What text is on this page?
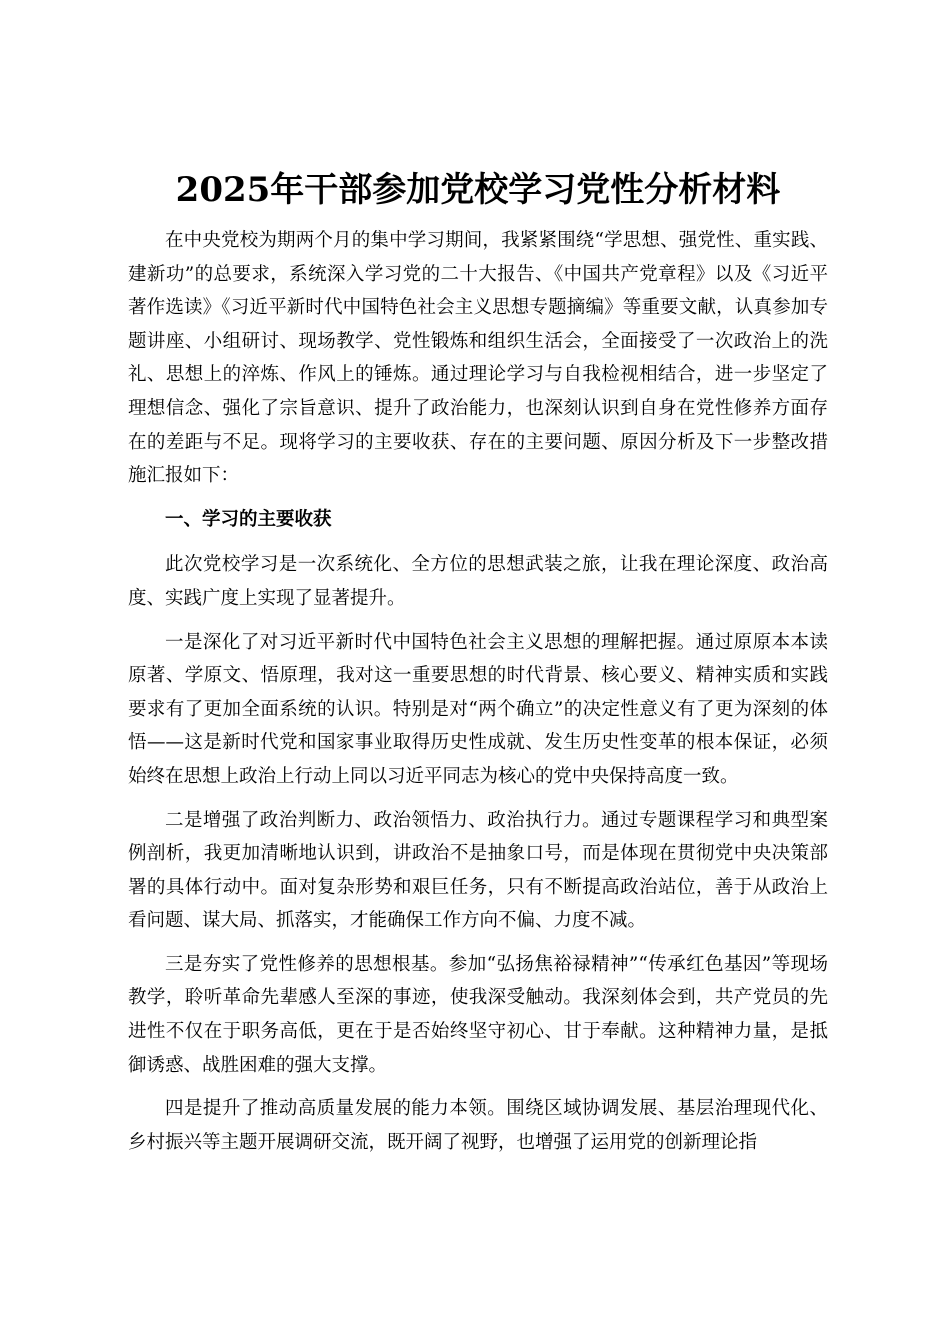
2025年干部参加党校学习党性分析材料

在中央党校为期两个月的集中学习期间，我紧紧围绕“学思想、强党性、重实践、建新功”的总要求，系统深入学习党的二十大报告、《中国共产党章程》以及《习近平著作选读》《习近平新时代中国特色社会主义思想专题摘编》等重要文献，认真参加专题讲座、小组研讨、现场教学、党性锻炼和组织生活会，全面接受了一次政治上的洗礼、思想上的淬炼、作风上的锤炼。通过理论学习与自我检视相结合，进一步坚定了理想信念、强化了宗旨意识、提升了政治能力，也深刻认识到自身在党性修养方面存在的差距与不足。现将学习的主要收获、存在的主要问题、原因分析及下一步整改措施汇报如下：

一、学习的主要收获

此次党校学习是一次系统化、全方位的思想武装之旅，让我在理论深度、政治高度、实践广度上实现了显著提升。

一是深化了对习近平新时代中国特色社会主义思想的理解把握。通过原原本本读原著、学原文、悟原理，我对这一重要思想的时代背景、核心要义、精神实质和实践要求有了更加全面系统的认识。特别是对“两个确立”的决定性意义有了更为深刻的体悟——这是新时代党和国家事业取得历史性成就、发生历史性变革的根本保证，必须始终在思想上政治上行动上同以习近平同志为核心的党中央保持高度一致。

二是增强了政治判断力、政治领悟力、政治执行力。通过专题课程学习和典型案例剖析，我更加清晰地认识到，讲政治不是抽象口号，而是体现在贯彻党中央决策部署的具体行动中。面对复杂形势和艰巨任务，只有不断提高政治站位，善于从政治上看问题、谋大局、抓落实，才能确保工作方向不偏、力度不减。

三是夯实了党性修养的思想根基。参加“弘扬焦裕禄精神”“传承红色基因”等现场教学，聆听革命先辈感人至深的事迹，使我深受触动。我深刻体会到，共产党员的先进性不仅在于职务高低，更在于是否始终坚守初心、甘于奉献。这种精神力量，是抵御诱惑、战胜困难的强大支撑。

四是提升了推动高质量发展的能力本领。围绕区域协调发展、基层治理现代化、乡村振兴等主题开展调研交流，既开阔了视野，也增强了运用党的创新理论指
